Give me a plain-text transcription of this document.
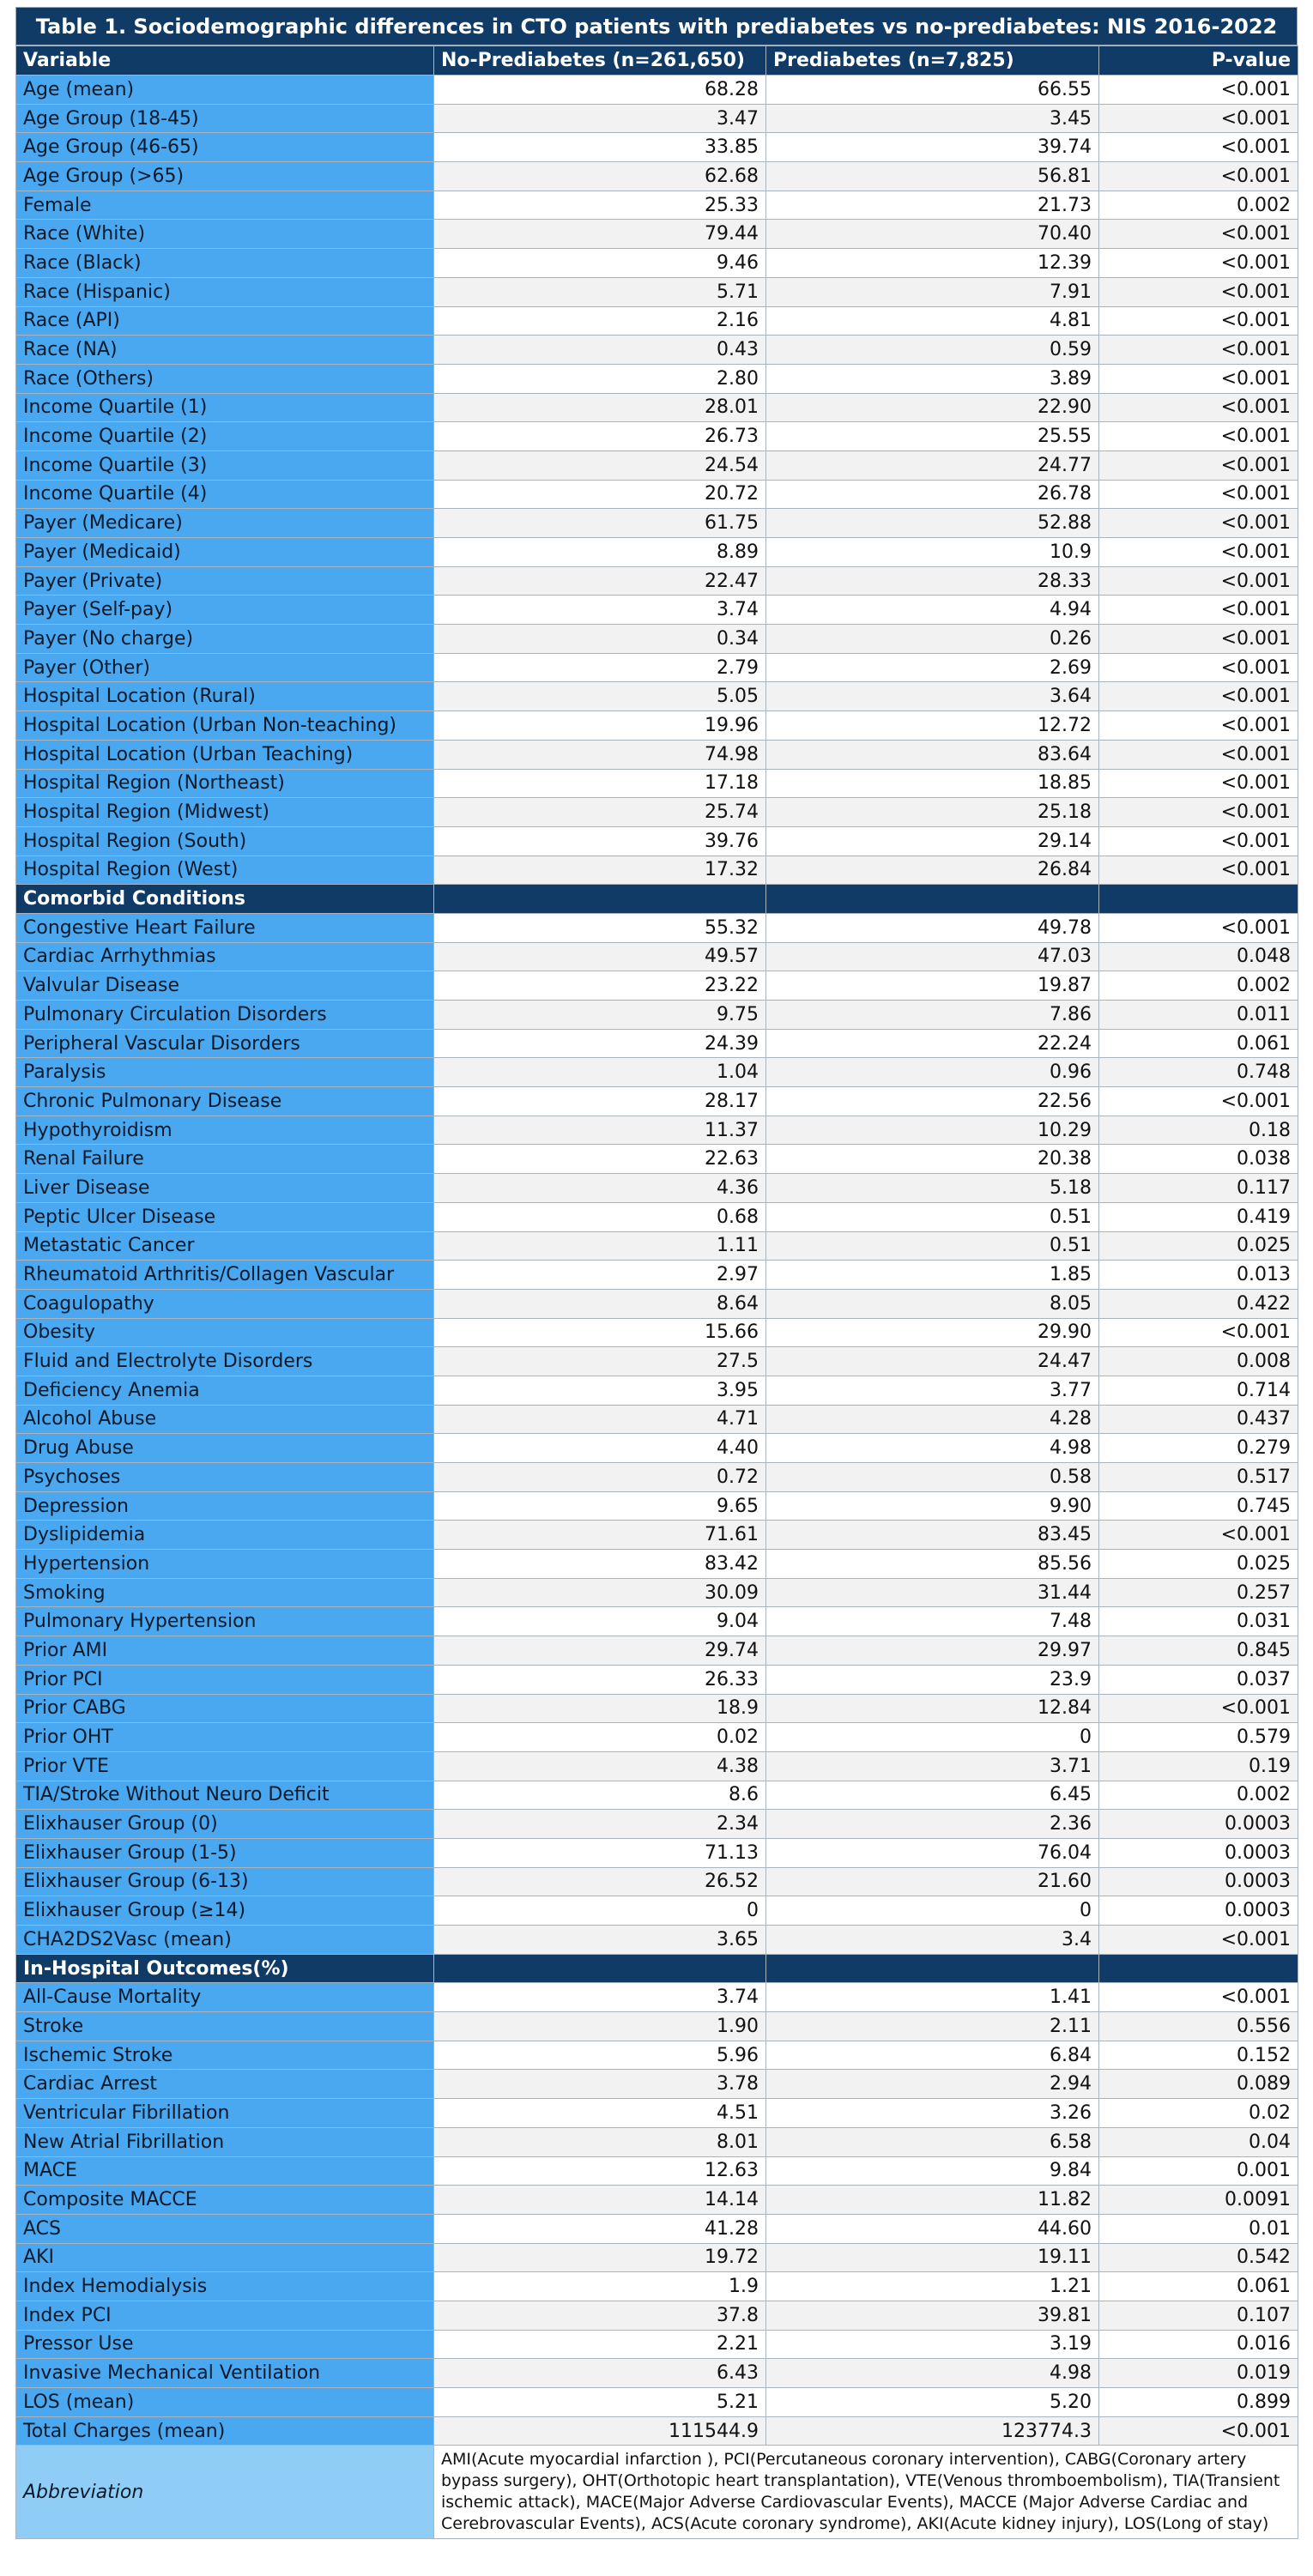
Table 1. Sociodemographic differences in CTO patients with prediabetes vs no-prediabetes: NIS 2016-2022
Variable	No-Prediabetes (n=261,650)	Prediabetes (n=7,825)	P-value
Age (mean)	68.28	66.55	<0.001
Age Group (18-45)	3.47	3.45	<0.001
Age Group (46-65)	33.85	39.74	<0.001
Age Group (>65)	62.68	56.81	<0.001
Female	25.33	21.73	0.002
Race (White)	79.44	70.40	<0.001
Race (Black)	9.46	12.39	<0.001
Race (Hispanic)	5.71	7.91	<0.001
Race (API)	2.16	4.81	<0.001
Race (NA)	0.43	0.59	<0.001
Race (Others)	2.80	3.89	<0.001
Income Quartile (1)	28.01	22.90	<0.001
Income Quartile (2)	26.73	25.55	<0.001
Income Quartile (3)	24.54	24.77	<0.001
Income Quartile (4)	20.72	26.78	<0.001
Payer (Medicare)	61.75	52.88	<0.001
Payer (Medicaid)	8.89	10.9	<0.001
Payer (Private)	22.47	28.33	<0.001
Payer (Self-pay)	3.74	4.94	<0.001
Payer (No charge)	0.34	0.26	<0.001
Payer (Other)	2.79	2.69	<0.001
Hospital Location (Rural)	5.05	3.64	<0.001
Hospital Location (Urban Non-teaching)	19.96	12.72	<0.001
Hospital Location (Urban Teaching)	74.98	83.64	<0.001
Hospital Region (Northeast)	17.18	18.85	<0.001
Hospital Region (Midwest)	25.74	25.18	<0.001
Hospital Region (South)	39.76	29.14	<0.001
Hospital Region (West)	17.32	26.84	<0.001
Comorbid Conditions			
Congestive Heart Failure	55.32	49.78	<0.001
Cardiac Arrhythmias	49.57	47.03	0.048
Valvular Disease	23.22	19.87	0.002
Pulmonary Circulation Disorders	9.75	7.86	0.011
Peripheral Vascular Disorders	24.39	22.24	0.061
Paralysis	1.04	0.96	0.748
Chronic Pulmonary Disease	28.17	22.56	<0.001
Hypothyroidism	11.37	10.29	0.18
Renal Failure	22.63	20.38	0.038
Liver Disease	4.36	5.18	0.117
Peptic Ulcer Disease	0.68	0.51	0.419
Metastatic Cancer	1.11	0.51	0.025
Rheumatoid Arthritis/Collagen Vascular	2.97	1.85	0.013
Coagulopathy	8.64	8.05	0.422
Obesity	15.66	29.90	<0.001
Fluid and Electrolyte Disorders	27.5	24.47	0.008
Deficiency Anemia	3.95	3.77	0.714
Alcohol Abuse	4.71	4.28	0.437
Drug Abuse	4.40	4.98	0.279
Psychoses	0.72	0.58	0.517
Depression	9.65	9.90	0.745
Dyslipidemia	71.61	83.45	<0.001
Hypertension	83.42	85.56	0.025
Smoking	30.09	31.44	0.257
Pulmonary Hypertension	9.04	7.48	0.031
Prior AMI	29.74	29.97	0.845
Prior PCI	26.33	23.9	0.037
Prior CABG	18.9	12.84	<0.001
Prior OHT	0.02	0	0.579
Prior VTE	4.38	3.71	0.19
TIA/Stroke Without Neuro Deficit	8.6	6.45	0.002
Elixhauser Group (0)	2.34	2.36	0.0003
Elixhauser Group (1-5)	71.13	76.04	0.0003
Elixhauser Group (6-13)	26.52	21.60	0.0003
Elixhauser Group (≥14)	0	0	0.0003
CHA2DS2Vasc (mean)	3.65	3.4	<0.001
In-Hospital Outcomes(%)			
All-Cause Mortality	3.74	1.41	<0.001
Stroke	1.90	2.11	0.556
Ischemic Stroke	5.96	6.84	0.152
Cardiac Arrest	3.78	2.94	0.089
Ventricular Fibrillation	4.51	3.26	0.02
New Atrial Fibrillation	8.01	6.58	0.04
MACE	12.63	9.84	0.001
Composite MACCE	14.14	11.82	0.0091
ACS	41.28	44.60	0.01
AKI	19.72	19.11	0.542
Index Hemodialysis	1.9	1.21	0.061
Index PCI	37.8	39.81	0.107
Pressor Use	2.21	3.19	0.016
Invasive Mechanical Ventilation	6.43	4.98	0.019
LOS (mean)	5.21	5.20	0.899
Total Charges (mean)	111544.9	123774.3	<0.001
Abbreviation	AMI(Acute myocardial infarction ), PCI(Percutaneous coronary intervention), CABG(Coronary artery bypass surgery), OHT(Orthotopic heart transplantation), VTE(Venous thromboembolism), TIA(Transient ischemic attack), MACE(Major Adverse Cardiovascular Events), MACCE (Major Adverse Cardiac and Cerebrovascular Events), ACS(Acute coronary syndrome), AKI(Acute kidney injury), LOS(Long of stay)		
